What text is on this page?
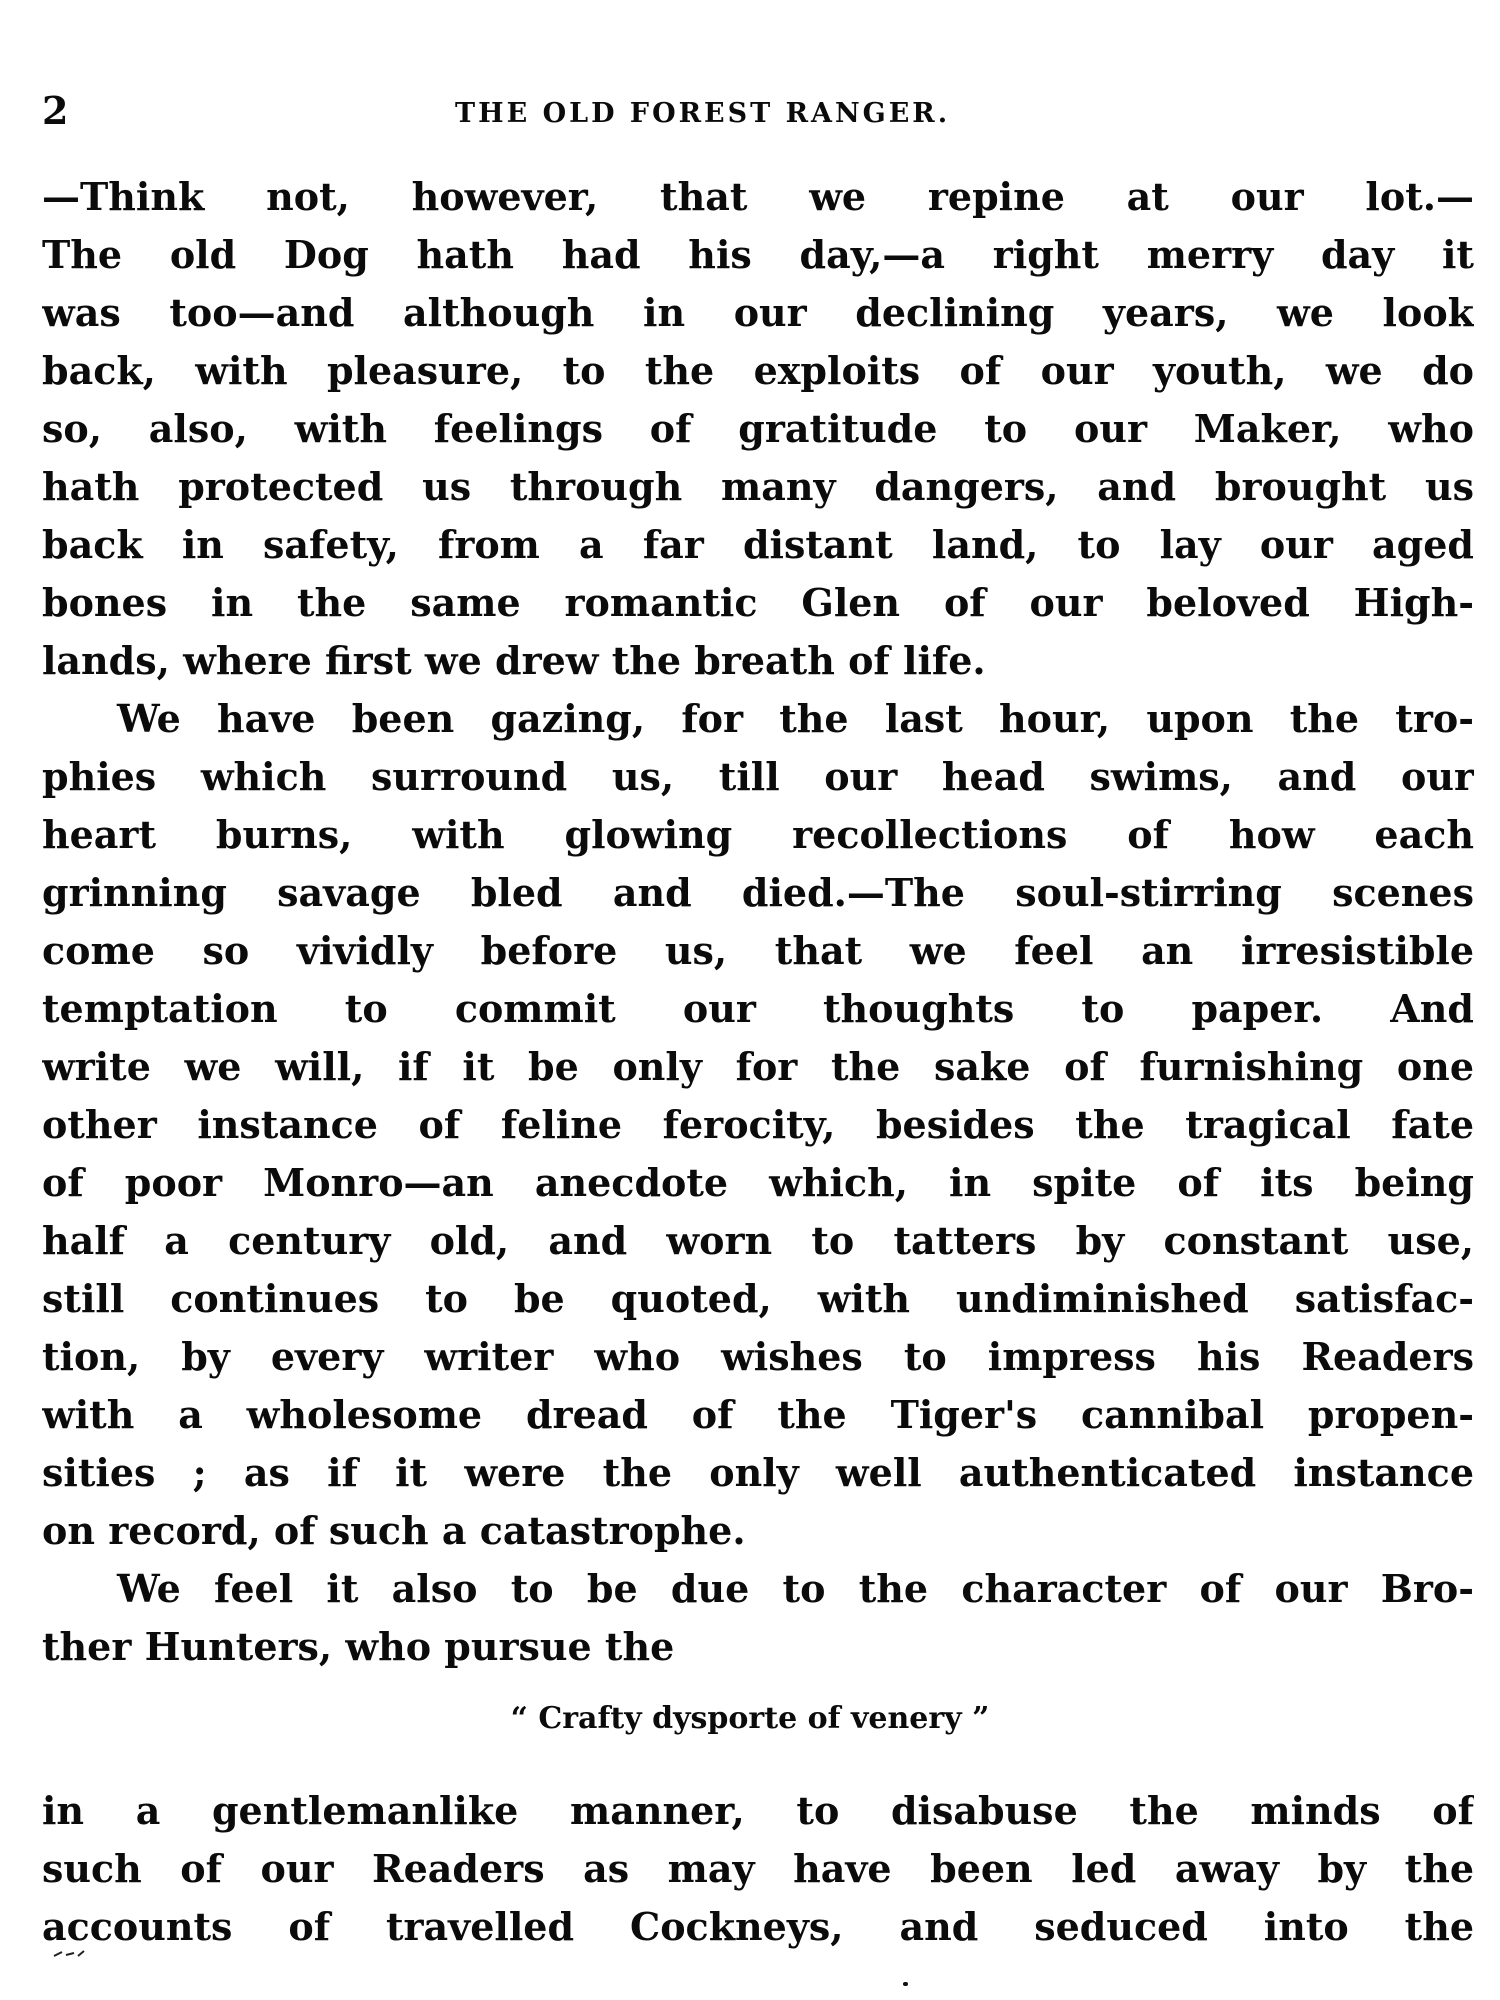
2	THE OLD FOREST RANGER.
—Think not, however, that we repine at our lot.—
The old Dog hath had his day,—a right merry day it
was too—and although in our declining years, we look
back, with pleasure, to the exploits of our youth, we do
so, also, with feelings of gratitude to our Maker, who
hath protected us through many dangers, and brought us
back in safety, from a far distant land, to lay our aged
bones in the same romantic Glen of our beloved High-
lands, where first we drew the breath of life.
We have been gazing, for the last hour, upon the tro-
phies which surround us, till our head swims, and our
heart burns, with glowing recollections of how each
grinning savage bled and died.—The soul-stirring scenes
come so vividly before us, that we feel an irresistible
temptation to commit our thoughts to paper. And
write we will, if it be only for the sake of furnishing one
other instance of feline ferocity, besides the tragical fate
of poor Monro—an anecdote which, in spite of its being
half a century old, and worn to tatters by constant use,
still continues to be quoted, with undiminished satisfac-
tion, by every writer who wishes to impress his Readers
with a wholesome dread of the Tiger's cannibal propen-
sities ; as if it were the only well authenticated instance
on record, of such a catastrophe.
We feel it also to be due to the character of our Bro-
ther Hunters, who pursue the
“ Crafty dysporte of venery ”
in a gentlemanlike manner, to disabuse the minds of
such of our Readers as may have been led away by the
accounts of travelled Cockneys, and seduced into the
